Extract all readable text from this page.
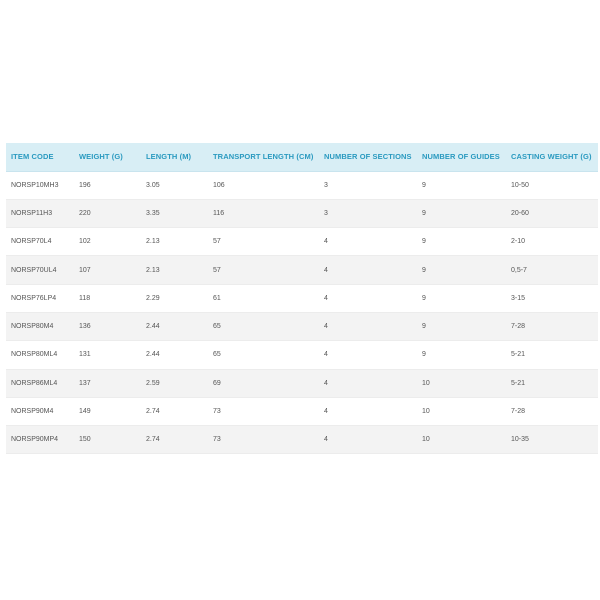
ITEM CODE	WEIGHT (G)	LENGTH (M)	TRANSPORT LENGTH (CM)	NUMBER OF SECTIONS	NUMBER OF GUIDES	CASTING WEIGHT (G)
NORSP10MH3	196	3.05	106	3	9	10-50
NORSP11H3	220	3.35	116	3	9	20-60
NORSP70L4	102	2.13	57	4	9	2-10
NORSP70UL4	107	2.13	57	4	9	0,5-7
NORSP76LP4	118	2.29	61	4	9	3-15
NORSP80M4	136	2.44	65	4	9	7-28
NORSP80ML4	131	2.44	65	4	9	5-21
NORSP86ML4	137	2.59	69	4	10	5-21
NORSP90M4	149	2.74	73	4	10	7-28
NORSP90MP4	150	2.74	73	4	10	10-35
